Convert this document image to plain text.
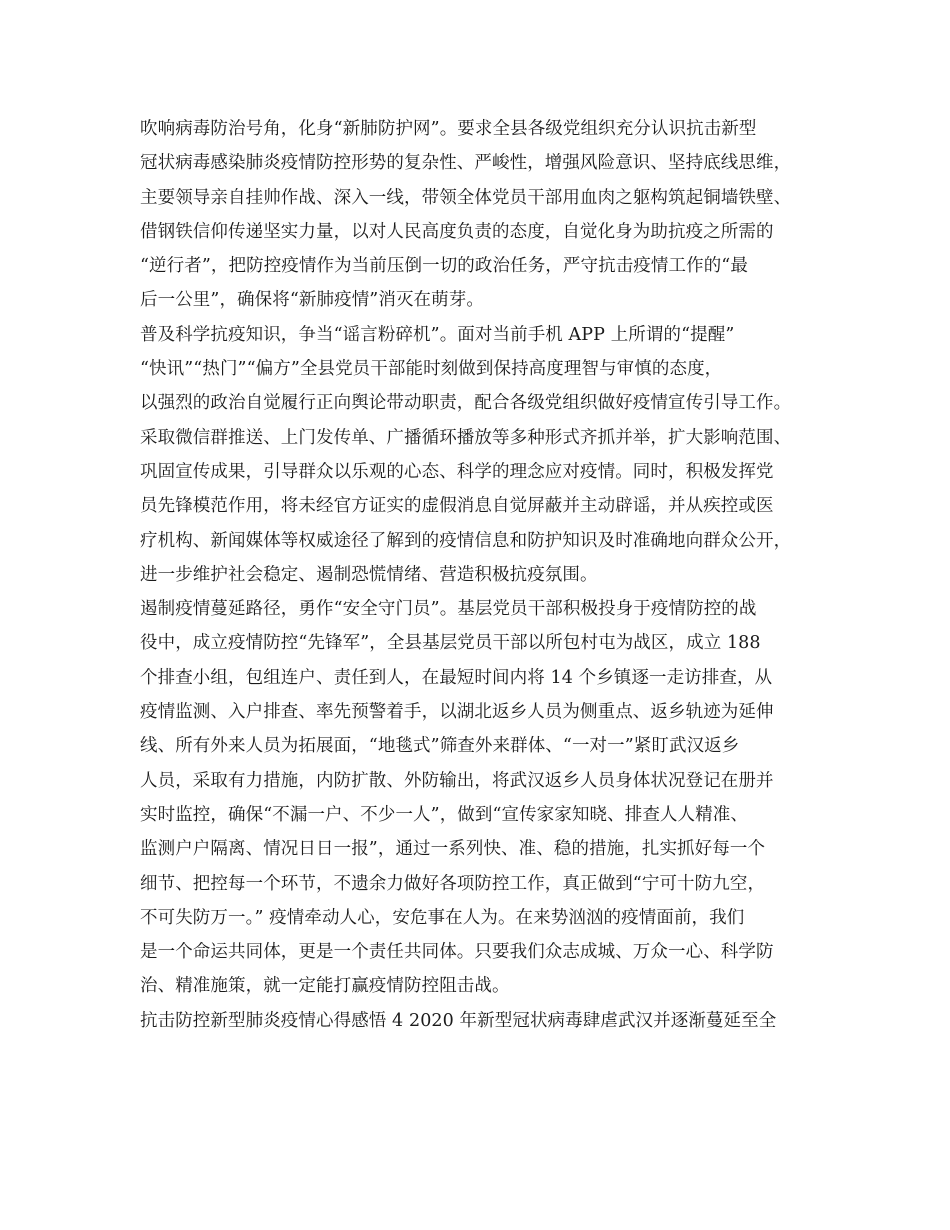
吹响病毒防治号角，化身“新肺防护网”。要求全县各级党组织充分认识抗击新型
冠状病毒感染肺炎疫情防控形势的复杂性、严峻性，增强风险意识、坚持底线思维，
主要领导亲自挂帅作战、深入一线，带领全体党员干部用血肉之躯构筑起铜墙铁壁、
借钢铁信仰传递坚实力量，以对人民高度负责的态度，自觉化身为助抗疫之所需的
“逆行者”，把防控疫情作为当前压倒一切的政治任务，严守抗击疫情工作的“最
后一公里”，确保将“新肺疫情”消灭在萌芽。
普及科学抗疫知识，争当“谣言粉碎机”。面对当前手机 APP 上所谓的“提醒”
“快讯”“热门”“偏方”全县党员干部能时刻做到保持高度理智与审慎的态度，
以强烈的政治自觉履行正向舆论带动职责，配合各级党组织做好疫情宣传引导工作。
采取微信群推送、上门发传单、广播循环播放等多种形式齐抓并举，扩大影响范围、
巩固宣传成果，引导群众以乐观的心态、科学的理念应对疫情。同时，积极发挥党
员先锋模范作用，将未经官方证实的虚假消息自觉屏蔽并主动辟谣，并从疾控或医
疗机构、新闻媒体等权威途径了解到的疫情信息和防护知识及时准确地向群众公开，
进一步维护社会稳定、遏制恐慌情绪、营造积极抗疫氛围。
遏制疫情蔓延路径，勇作“安全守门员”。基层党员干部积极投身于疫情防控的战
役中，成立疫情防控“先锋军”，全县基层党员干部以所包村屯为战区，成立 188
个排查小组，包组连户、责任到人，在最短时间内将 14 个乡镇逐一走访排查，从
疫情监测、入户排查、率先预警着手，以湖北返乡人员为侧重点、返乡轨迹为延伸
线、所有外来人员为拓展面，“地毯式”筛查外来群体、“一对一”紧盯武汉返乡
人员，采取有力措施，内防扩散、外防输出，将武汉返乡人员身体状况登记在册并
实时监控，确保“不漏一户、不少一人”，做到“宣传家家知晓、排查人人精准、
监测户户隔离、情况日日一报”，通过一系列快、准、稳的措施，扎实抓好每一个
细节、把控每一个环节，不遗余力做好各项防控工作，真正做到“宁可十防九空，
不可失防万一。” 疫情牵动人心，安危事在人为。在来势汹汹的疫情面前，我们
是一个命运共同体，更是一个责任共同体。只要我们众志成城、万众一心、科学防
治、精准施策，就一定能打赢疫情防控阻击战。
抗击防控新型肺炎疫情心得感悟 4 2020 年新型冠状病毒肆虐武汉并逐渐蔓延至全
